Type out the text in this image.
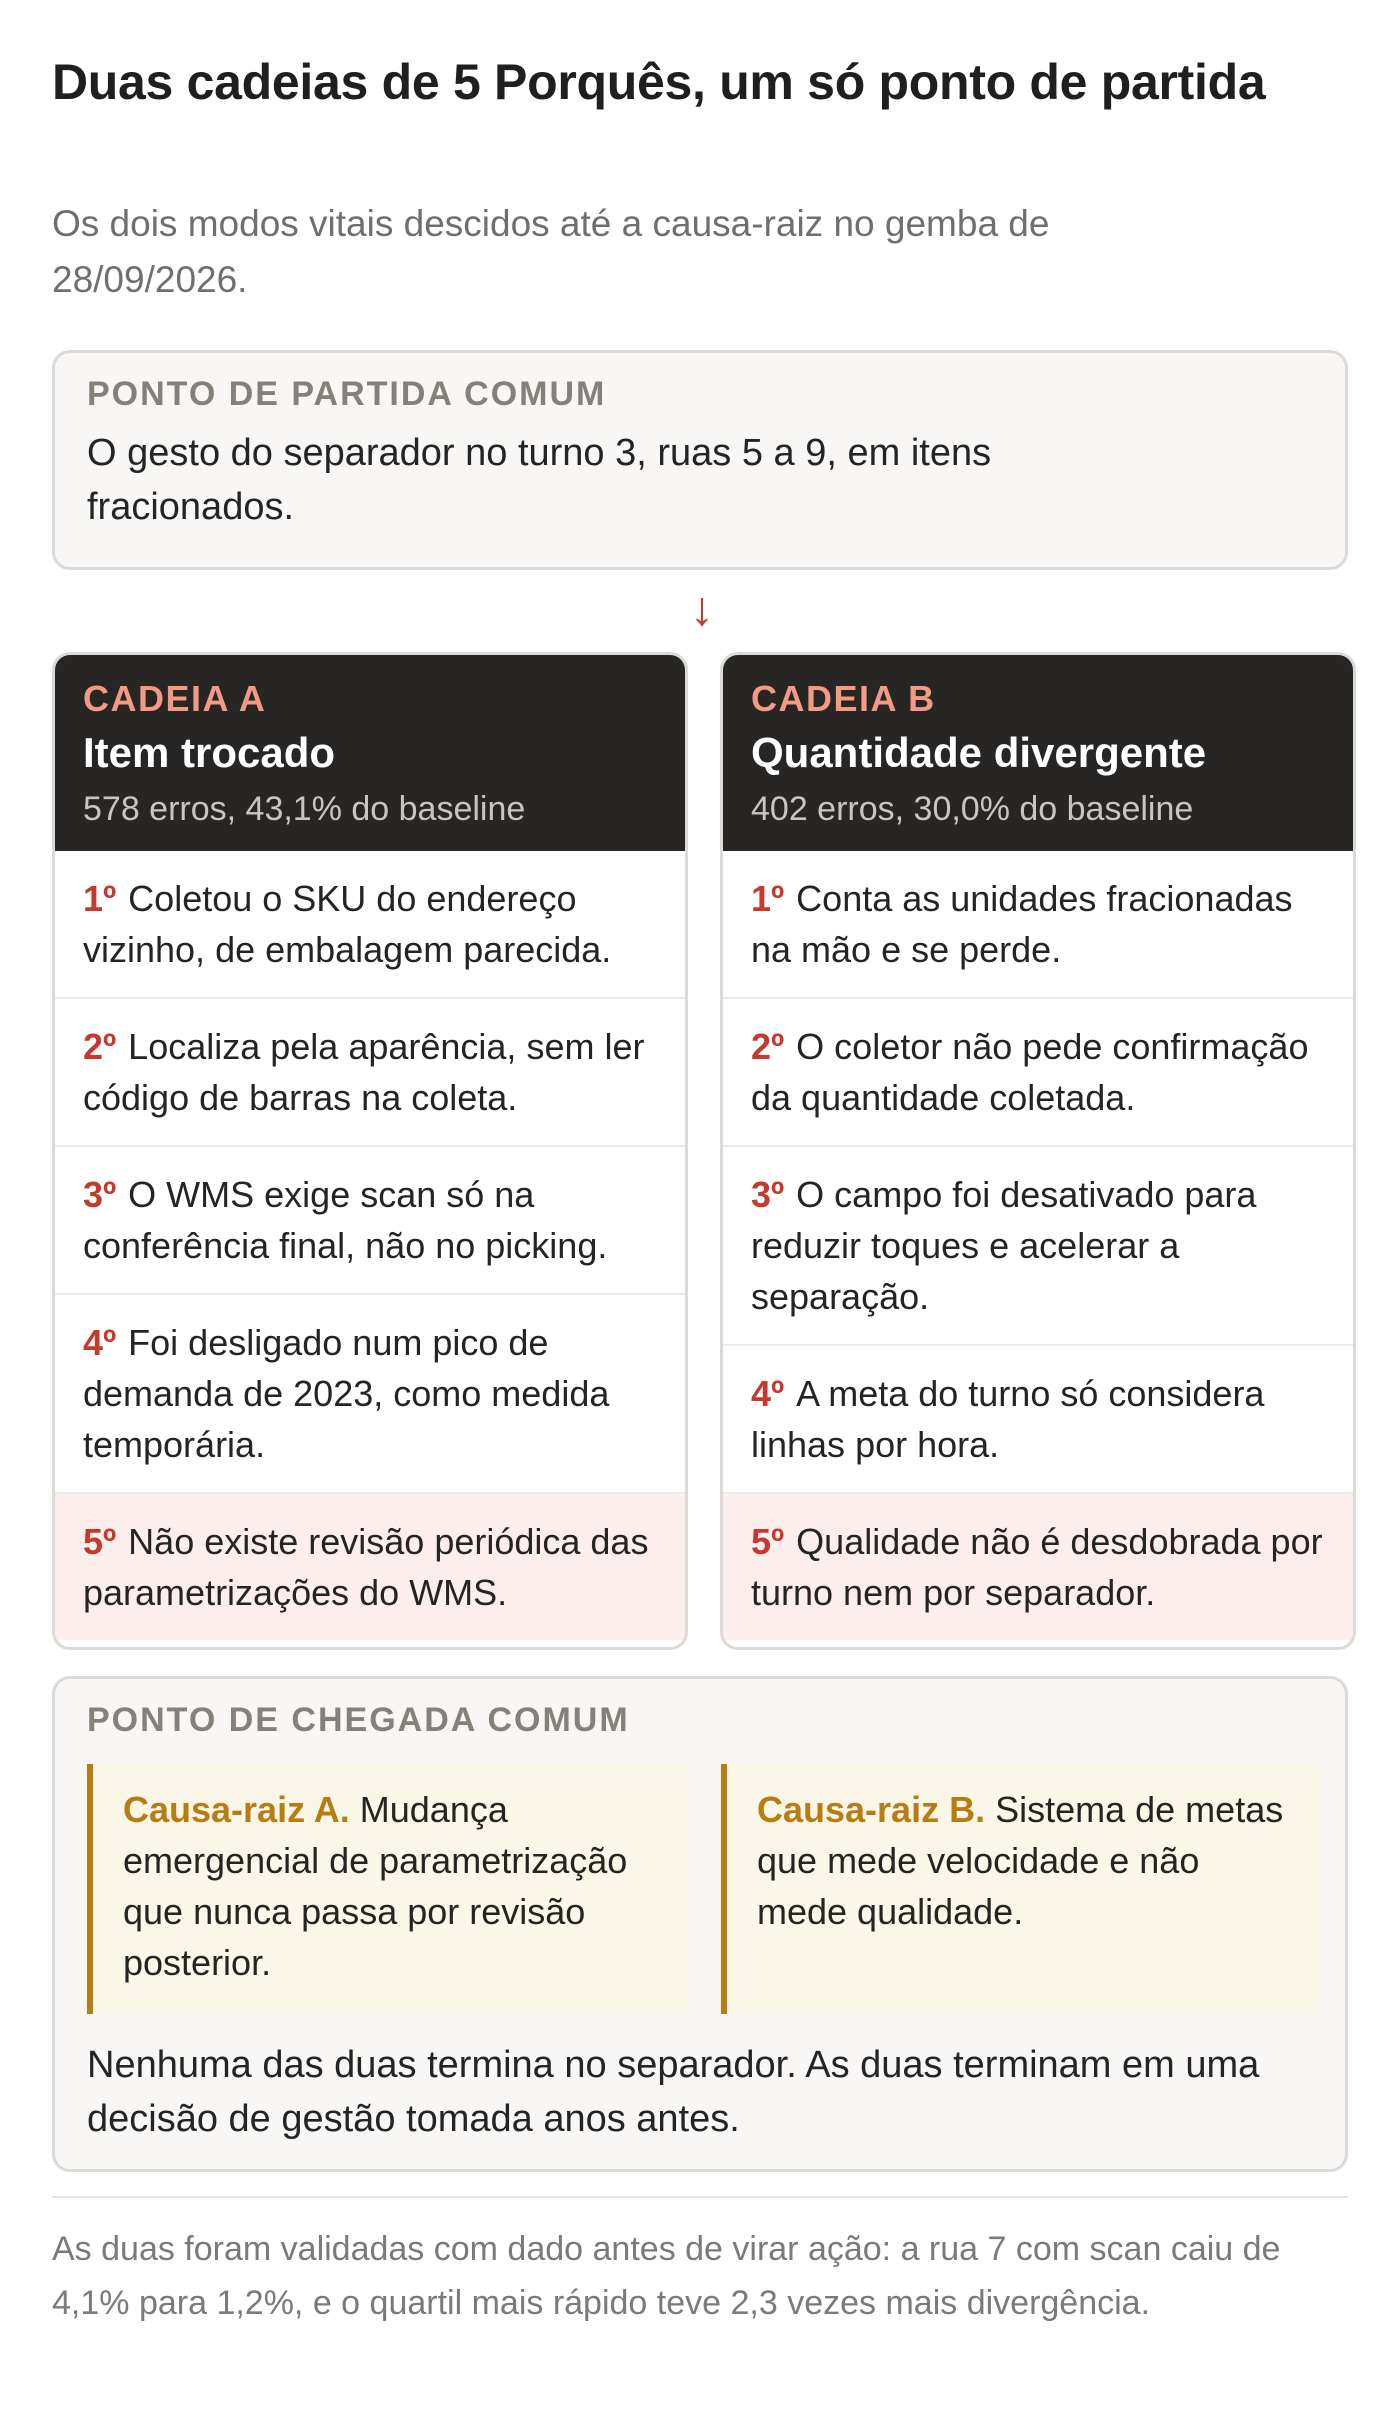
Duas cadeias de 5 Porquês, um só ponto de partida
Os dois modos vitais descidos até a causa-raiz no gemba de 28/09/2026.
PONTO DE PARTIDA COMUM
O gesto do separador no turno 3, ruas 5 a 9, em itens fracionados.
↓
CADEIA A
Item trocado
578 erros, 43,1% do baseline
1º Coletou o SKU do endereço vizinho, de embalagem parecida.
2º Localiza pela aparência, sem ler código de barras na coleta.
3º O WMS exige scan só na conferência final, não no picking.
4º Foi desligado num pico de demanda de 2023, como medida temporária.
5º Não existe revisão periódica das parametrizações do WMS.
CADEIA B
Quantidade divergente
402 erros, 30,0% do baseline
1º Conta as unidades fracionadas na mão e se perde.
2º O coletor não pede confirmação da quantidade coletada.
3º O campo foi desativado para reduzir toques e acelerar a separação.
4º A meta do turno só considera linhas por hora.
5º Qualidade não é desdobrada por turno nem por separador.
PONTO DE CHEGADA COMUM
Causa-raiz A. Mudança emergencial de parametrização que nunca passa por revisão posterior.
Causa-raiz B. Sistema de metas que mede velocidade e não mede qualidade.
Nenhuma das duas termina no separador. As duas terminam em uma decisão de gestão tomada anos antes.
As duas foram validadas com dado antes de virar ação: a rua 7 com scan caiu de 4,1% para 1,2%, e o quartil mais rápido teve 2,3 vezes mais divergência.
